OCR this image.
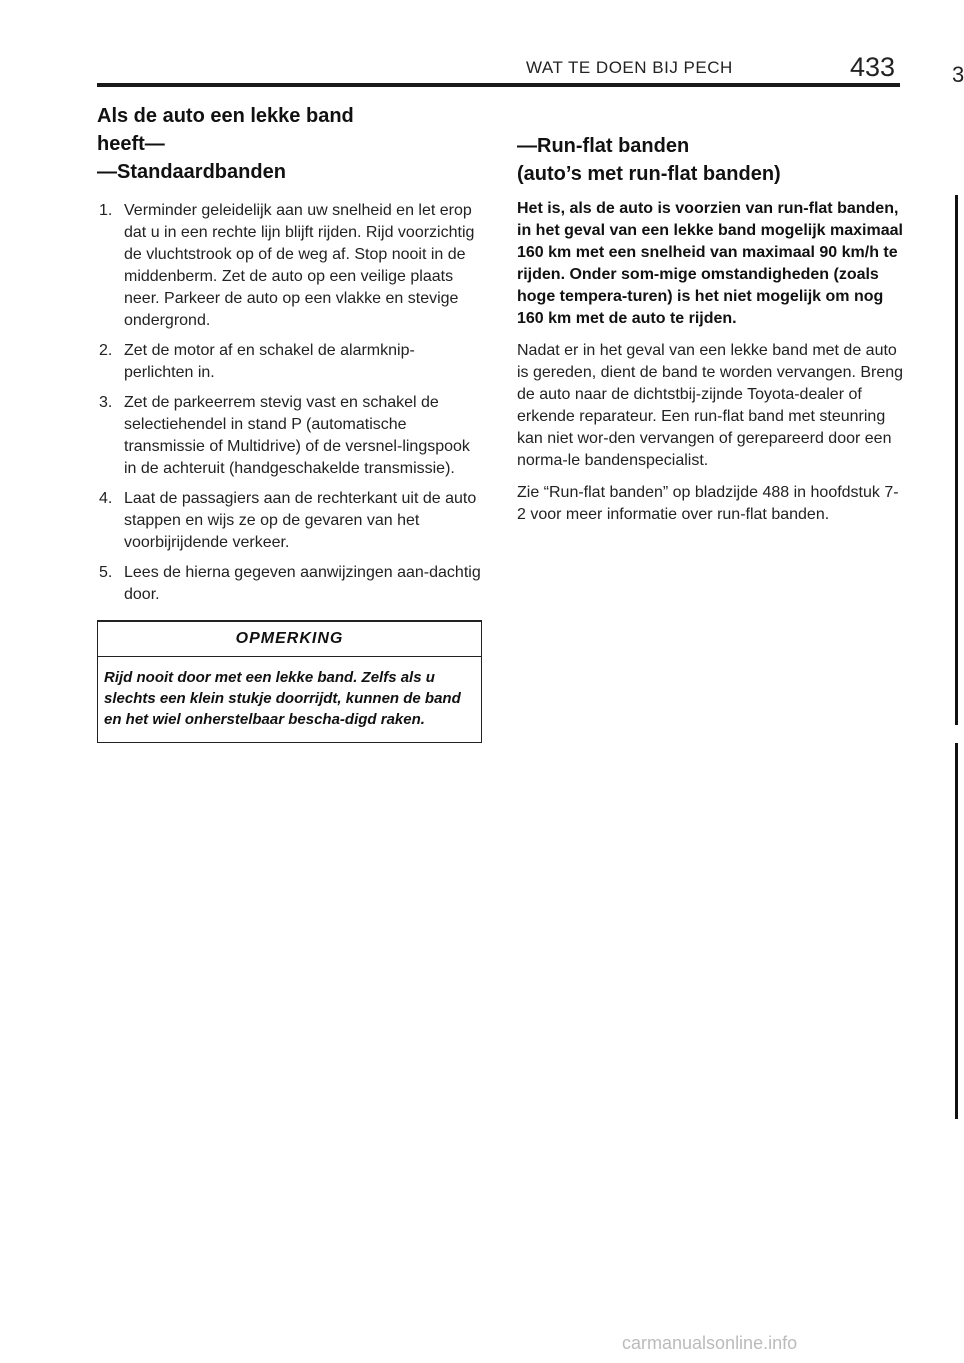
WAT TE DOEN BIJ PECH	433	3
Als de auto een lekke band
heeft—
—Standaardbanden
1. Verminder geleidelijk aan uw snelheid en let erop dat u in een rechte lijn blijft rijden. Rijd voorzichtig de vluchtstrook op of de weg af. Stop nooit in de middenberm. Zet de auto op een veilige plaats neer. Parkeer de auto op een vlakke en stevige ondergrond.
2. Zet de motor af en schakel de alarmknip-perlichten in.
3. Zet de parkeerrem stevig vast en schakel de selectiehendel in stand P (automatische transmissie of Multidrive) of de versnel-lingspook in de achteruit (handgeschakelde transmissie).
4. Laat de passagiers aan de rechterkant uit de auto stappen en wijs ze op de gevaren van het voorbijrijdende verkeer.
5. Lees de hierna gegeven aanwijzingen aan-dachtig door.
OPMERKING
Rijd nooit door met een lekke band. Zelfs als u slechts een klein stukje doorrijdt, kunnen de band en het wiel onherstelbaar bescha-digd raken.
—Run-flat banden
(auto’s met run-flat banden)

Het is, als de auto is voorzien van run-flat banden, in het geval van een lekke band mogelijk maximaal 160 km met een snelheid van maximaal 90 km/h te rijden. Onder som-mige omstandigheden (zoals hoge tempera-turen) is het niet mogelijk om nog 160 km met de auto te rijden.

Nadat er in het geval van een lekke band met de auto is gereden, dient de band te worden vervangen. Breng de auto naar de dichtstbij-zijnde Toyota-dealer of erkende reparateur. Een run-flat band met steunring kan niet wor-den vervangen of gerepareerd door een norma-le bandenspecialist.

Zie “Run-flat banden” op bladzijde 488 in hoofdstuk 7-2 voor meer informatie over run-flat banden.

carmanualsonline.info
